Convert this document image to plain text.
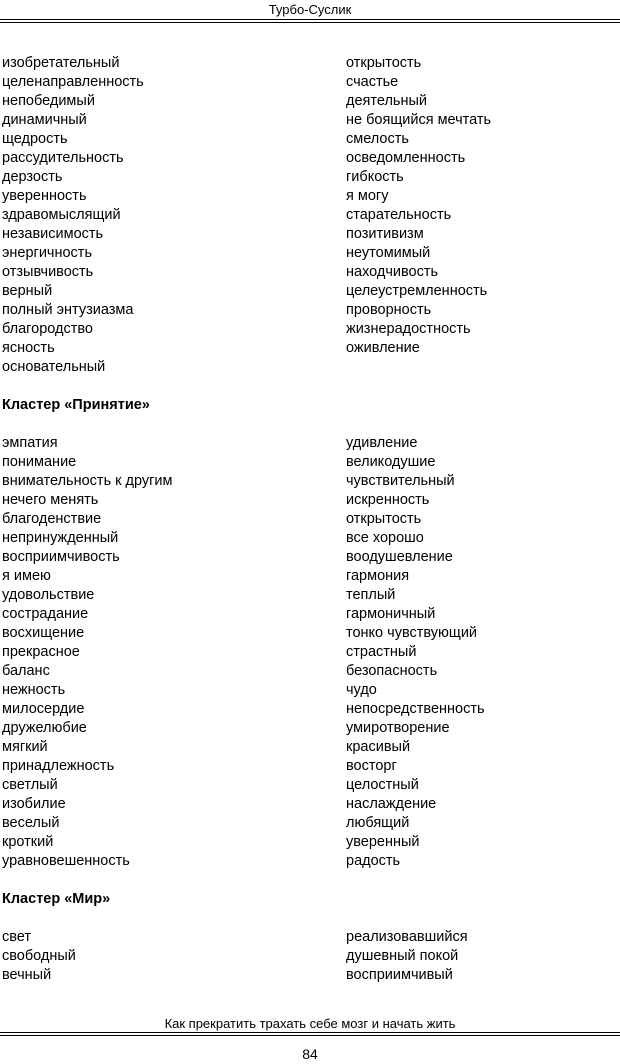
Турбо-Суслик
изобретательный
целенаправленность
непобедимый
динамичный
щедрость
рассудительность
дерзость
уверенность
здравомыслящий
независимость
энергичность
отзывчивость
верный
полный энтузиазма
благородство
ясность
основательный
открытость
счастье
деятельный
не боящийся мечтать
смелость
осведомленность
гибкость
я могу
старательность
позитивизм
неутомимый
находчивость
целеустремленность
проворность
жизнерадостность
оживление
Кластер «Принятие»
эмпатия
понимание
внимательность к другим
нечего менять
благоденствие
непринужденный
восприимчивость
я имею
удовольствие
сострадание
восхищение
прекрасное
баланс
нежность
милосердие
дружелюбие
мягкий
принадлежность
светлый
изобилие
веселый
кроткий
уравновешенность
удивление
великодушие
чувствительный
искренность
открытость
все хорошо
воодушевление
гармония
теплый
гармоничный
тонко чувствующий
страстный
безопасность
чудо
непосредственность
умиротворение
красивый
восторг
целостный
наслаждение
любящий
уверенный
радость
Кластер «Мир»
свет
свободный
вечный
реализовавшийся
душевный покой
восприимчивый
Как прекратить трахать себе мозг и начать жить
84
